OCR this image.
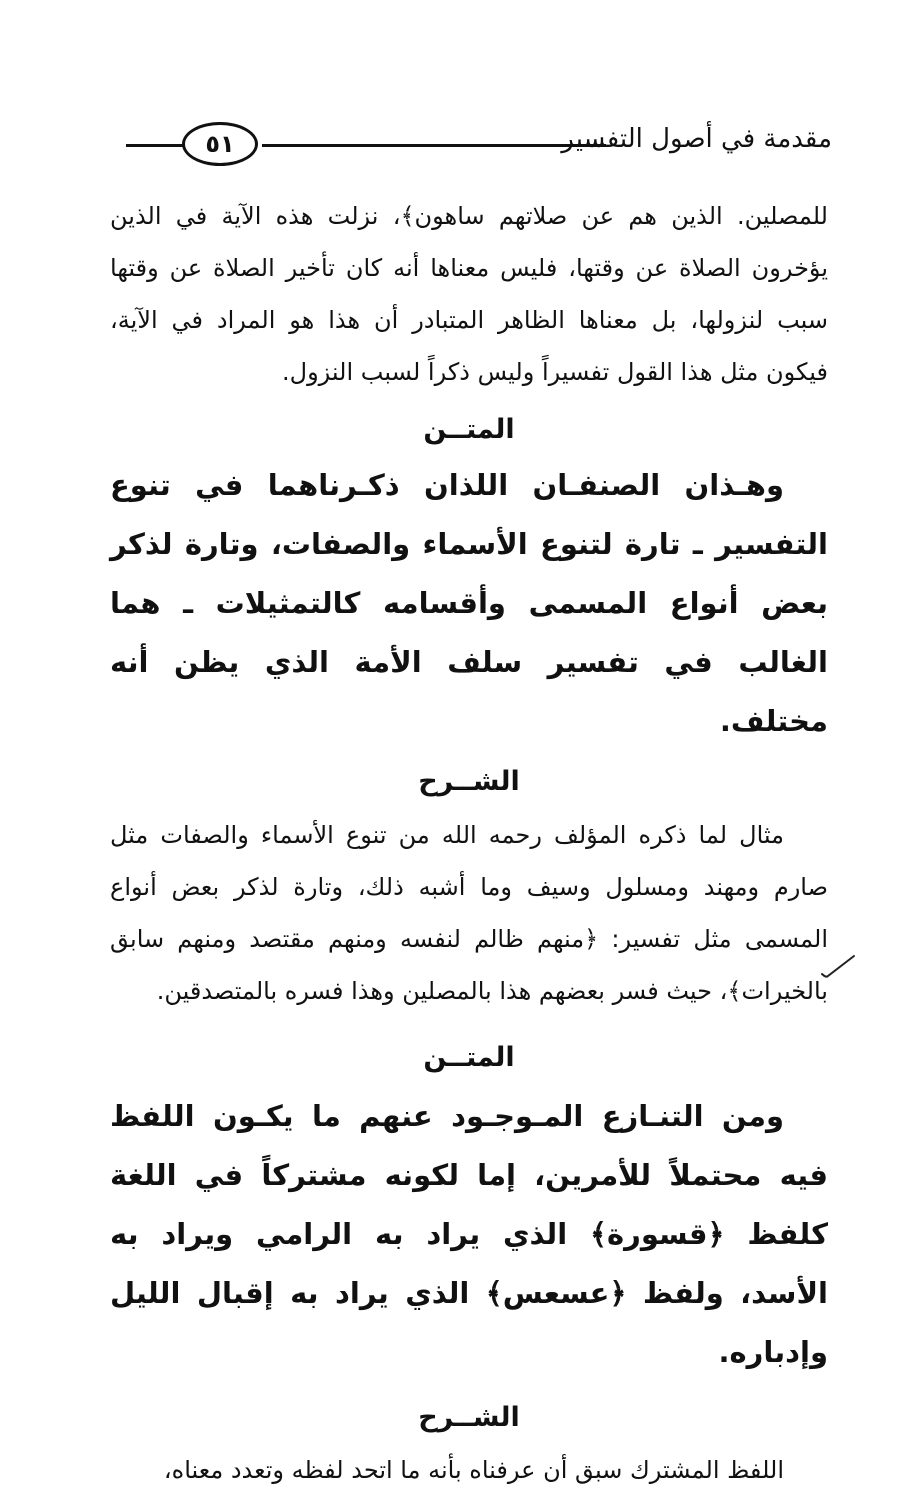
٥١	مقدمة في أصول التفسير

للمصلين. الذين هم عن صلاتهم ساهون﴾، نزلت هذه الآية في الذين يؤخرون الصلاة عن وقتها، فليس معناها أنه كان تأخير الصلاة عن وقتها سبب لنزولها، بل معناها الظاهر المتبادر أن هذا هو المراد في الآية، فيكون مثل هذا القول تفسيراً وليس ذكراً لسبب النزول.

المتــن

وهـذان الصنفـان اللذان ذكـرناهما في تنوع التفسير ـ تارة لتنوع الأسماء والصفات، وتارة لذكر بعض أنواع المسمى وأقسامه كالتمثيلات ـ هما الغالب في تفسير سلف الأمة الذي يظن أنه مختلف.

الشــرح

مثال لما ذكره المؤلف رحمه الله من تنوع الأسماء والصفات مثل صارم ومهند ومسلول وسيف وما أشبه ذلك، وتارة لذكر بعض أنواع المسمى مثل تفسير: ﴿منهم ظالم لنفسه ومنهم مقتصد ومنهم سابق بالخيرات﴾، حيث فسر بعضهم هذا بالمصلين وهذا فسره بالمتصدقين.

المتــن

ومن التنـازع المـوجـود عنهم ما يكـون اللفظ فيه محتملاً للأمرين، إما لكونه مشتركاً في اللغة كلفظ ﴿قسورة﴾ الذي يراد به الرامي ويراد به الأسد، ولفظ ﴿عسعس﴾ الذي يراد به إقبال الليل وإدباره.

الشــرح

اللفظ المشترك سبق أن عرفناه بأنه ما اتحد لفظه وتعدد معناه،
